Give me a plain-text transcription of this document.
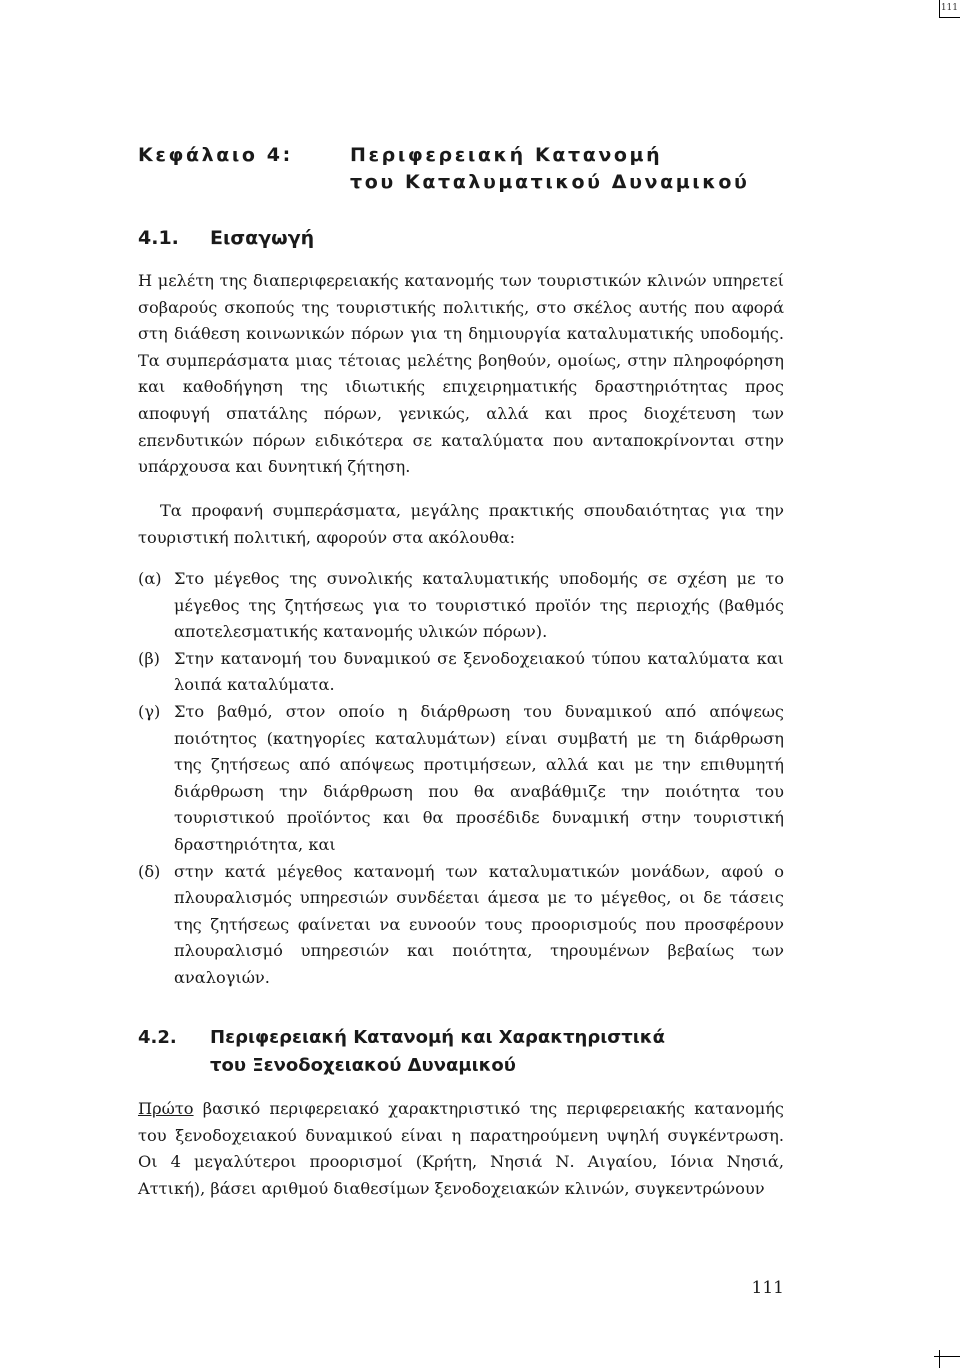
111
Κεφάλαιο 4:	Περιφερειακή Κατανομή
του Καταλυματικού Δυναμικού
4.1. Εισαγωγή

Η μελέτη της διαπεριφερειακής κατανομής των τουριστικών κλινών υπηρετεί σοβαρούς σκοπούς της τουριστικής πολιτικής, στο σκέλος αυτής που αφορά στη διάθεση κοινωνικών πόρων για τη δημιουργία καταλυματικής υποδομής. Τα συμπεράσματα μιας τέτοιας μελέτης βοηθούν, ομοίως, στην πληροφόρηση και καθοδήγηση της ιδιωτικής επιχειρηματικής δραστηριότητας προς αποφυγή σπατάλης πόρων, γενικώς, αλλά και προς διοχέτευση των επενδυτικών πόρων ειδικότερα σε καταλύματα που ανταποκρίνονται στην υπάρχουσα και δυνητική ζήτηση.

Τα προφανή συμπεράσματα, μεγάλης πρακτικής σπουδαιότητας για την τουριστική πολιτική, αφορούν στα ακόλουθα:

(α) Στο μέγεθος της συνολικής καταλυματικής υποδομής σε σχέση με το μέγεθος της ζητήσεως για το τουριστικό προϊόν της περιοχής (βαθμός αποτελεσματικής κατανομής υλικών πόρων).
(β) Στην κατανομή του δυναμικού σε ξενοδοχειακού τύπου καταλύματα και λοιπά καταλύματα.
(γ) Στο βαθμό, στον οποίο η διάρθρωση του δυναμικού από απόψεως ποιότητος (κατηγορίες καταλυμάτων) είναι συμβατή με τη διάρθρωση της ζητήσεως από απόψεως προτιμήσεων, αλλά και με την επιθυμητή διάρθρωση την διάρθρωση που θα αναβάθμιζε την ποιότητα του τουριστικού προϊόντος και θα προσέδιδε δυναμική στην τουριστική δραστηριότητα, και
(δ) στην κατά μέγεθος κατανομή των καταλυματικών μονάδων, αφού ο πλουραλισμός υπηρεσιών συνδέεται άμεσα με το μέγεθος, οι δε τάσεις της ζητήσεως φαίνεται να ευνοούν τους προορισμούς που προσφέρουν πλουραλισμό υπηρεσιών και ποιότητα, τηρουμένων βεβαίως των αναλογιών.
4.2. Περιφερειακή Κατανομή και Χαρακτηριστικά
του Ξενοδοχειακού Δυναμικού

Πρώτο βασικό περιφερειακό χαρακτηριστικό της περιφερειακής κατανομής του ξενοδοχειακού δυναμικού είναι η παρατηρούμενη υψηλή συγκέντρωση. Οι 4 μεγαλύτεροι προορισμοί (Κρήτη, Νησιά Ν. Αιγαίου, Ιόνια Νησιά, Αττική), βάσει αριθμού διαθεσίμων ξενοδοχειακών κλινών, συγκεντρώνουν

111
